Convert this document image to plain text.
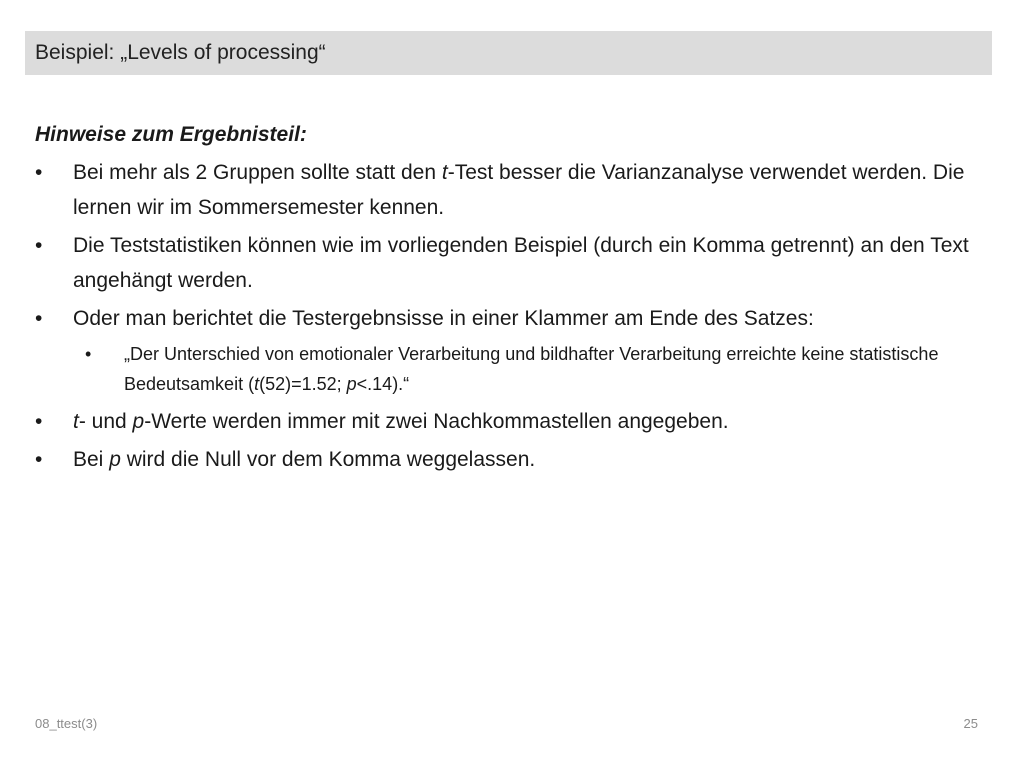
Beispiel: „Levels of processing“
Hinweise zum Ergebnisteil:
• Bei mehr als 2 Gruppen sollte statt den t-Test besser die Varianzanalyse verwendet werden. Die lernen wir im Sommersemester kennen.
• Die Teststatistiken können wie im vorliegenden Beispiel (durch ein Komma getrennt) an den Text angehängt werden.
• Oder man berichtet die Testergebnsisse in einer Klammer am Ende des Satzes:
• „Der Unterschied von emotionaler Verarbeitung und bildhafter Verarbeitung erreichte keine statistische Bedeutsamkeit (t(52)=1.52; p<.14).“
• t- und p-Werte werden immer mit zwei Nachkommastellen angegeben.
• Bei p wird die Null vor dem Komma weggelassen.
08_ttest(3)	25
